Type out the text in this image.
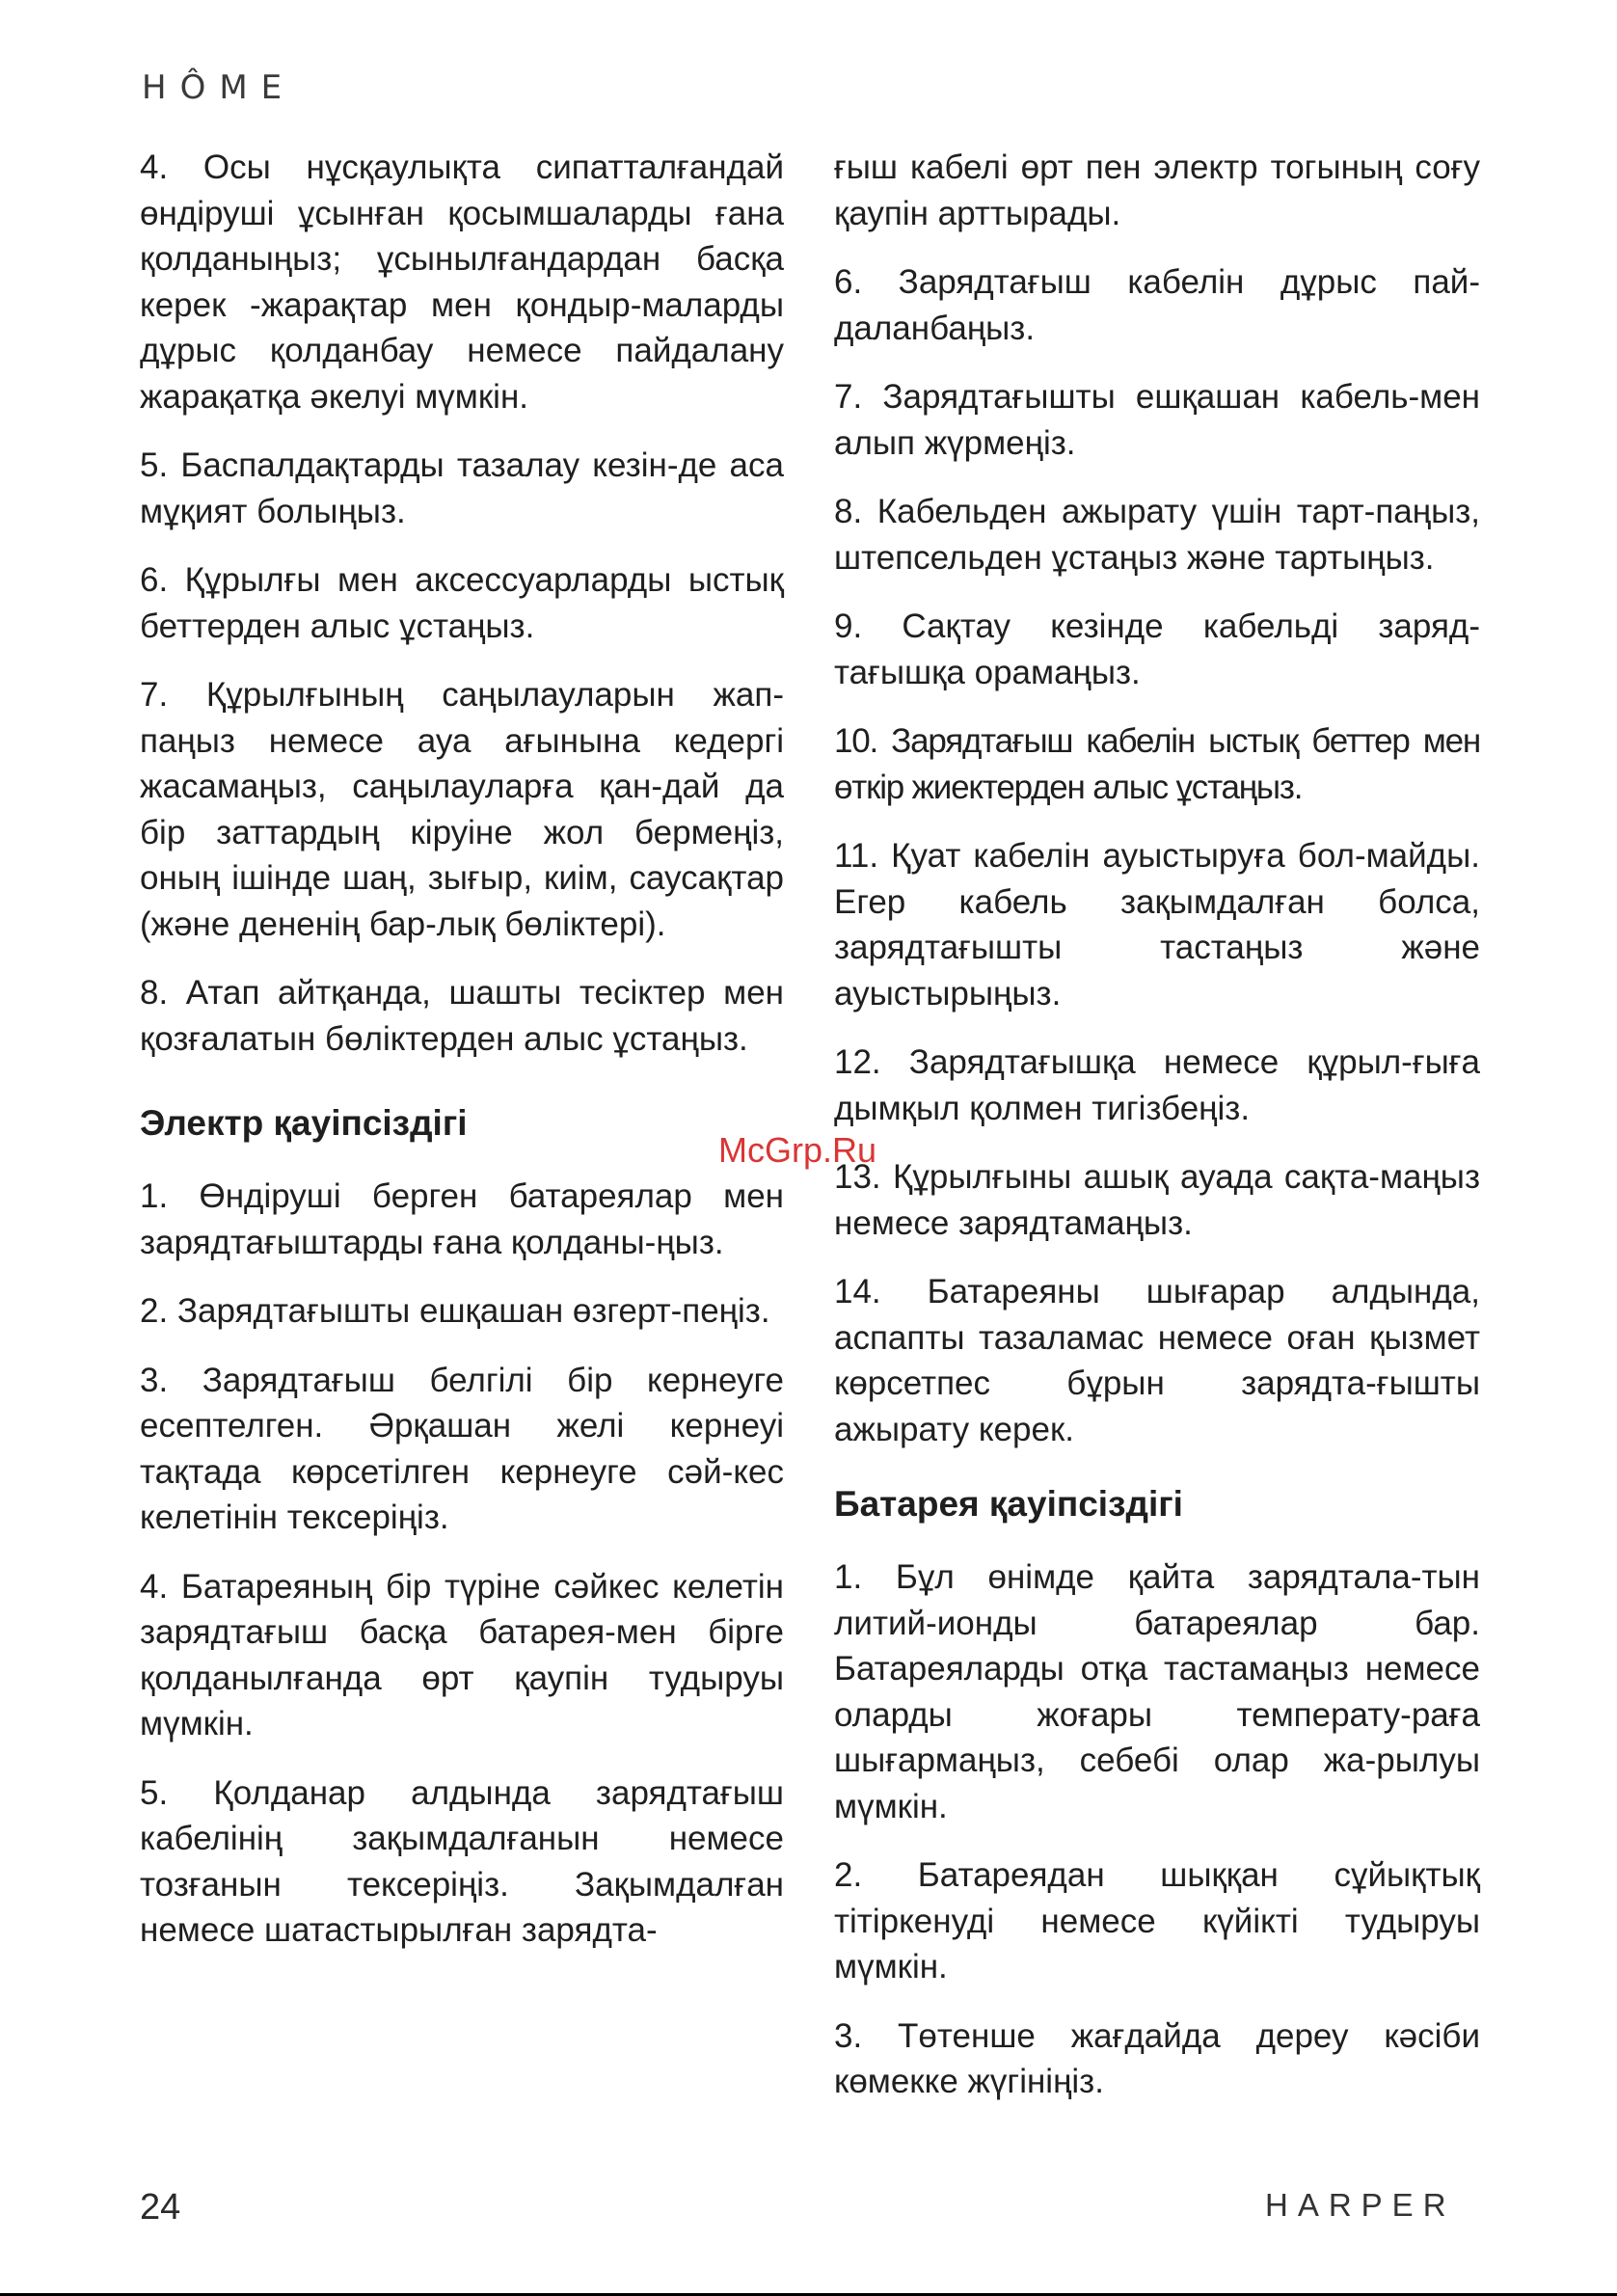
HÔME

4. Осы нұсқаулықта сипатталғандай өндіруші ұсынған қосымшаларды ғана қолданыңыз; ұсынылғандардан басқа керек -жарақтар мен қондыр-маларды дұрыс қолданбау немесе пайдалану жарақатқа әкелуі мүмкін.

5. Баспалдақтарды тазалау кезін-де аса мұқият болыңыз.

6. Құрылғы мен аксессуарларды ыстық беттерден алыс ұстаңыз.

7. Құрылғының саңылауларын жап-паңыз немесе ауа ағынына кедергі жасамаңыз, саңылауларға қан-дай да бір заттардың кіруіне жол бермеңіз, оның ішінде шаң, зығыр, киім, саусақтар (және дененің бар-лық бөліктері).

8. Атап айтқанда, шашты тесіктер мен қозғалатын бөліктерден алыс ұстаңыз.

Электр қауіпсіздігі

1. Өндіруші берген батареялар мен зарядтағыштарды ғана қолданы-ңыз.

2. Зарядтағышты ешқашан өзгерт-пеңіз.

3. Зарядтағыш белгілі бір кернеуге есептелген. Әрқашан желі кернеуі тақтада көрсетілген кернеуге сәй-кес келетінін тексеріңіз.

4. Батареяның бір түріне сәйкес келетін зарядтағыш басқа батарея-мен бірге қолданылғанда өрт қаупін тудыруы мүмкін.

5. Қолданар алдында зарядтағыш кабелінің зақымдалғанын немесе тозғанын тексеріңіз. Зақымдалған немесе шатастырылған зарядта-

ғыш кабелі өрт пен электр тогының соғу қаупін арттырады.

6. Зарядтағыш кабелін дұрыс пай-даланбаңыз.

7. Зарядтағышты ешқашан кабель-мен алып жүрмеңіз.

8. Кабельден ажырату үшін тарт-паңыз, штепсельден ұстаңыз және тартыңыз.

9. Сақтау кезінде кабельді заряд-тағышқа орамаңыз.

10. Зарядтағыш кабелін ыстық беттер мен өткір жиектерден алыс ұстаңыз.

11. Қуат кабелін ауыстыруға бол-майды. Егер кабель зақымдалған болса, зарядтағышты тастаңыз және ауыстырыңыз.

12. Зарядтағышқа немесе құрыл-ғыға дымқыл қолмен тигізбеңіз.

13. Құрылғыны ашық ауада сақта-маңыз немесе зарядтамаңыз.

14. Батареяны шығарар алдында, аспапты тазаламас немесе оған қызмет көрсетпес бұрын зарядта-ғышты ажырату керек.

Батарея қауіпсіздігі

1. Бұл өнімде қайта зарядтала-тын литий-ионды батареялар бар. Батареяларды отқа тастамаңыз немесе оларды жоғары температу-раға шығармаңыз, себебі олар жа-рылуы мүмкін.

2. Батареядан шыққан сұйықтық тітіркенуді немесе күйікті тудыруы мүмкін.

3. Төтенше жағдайда дереу кәсіби көмекке жүгініңіз.

McGrp.Ru
24	HARPER
